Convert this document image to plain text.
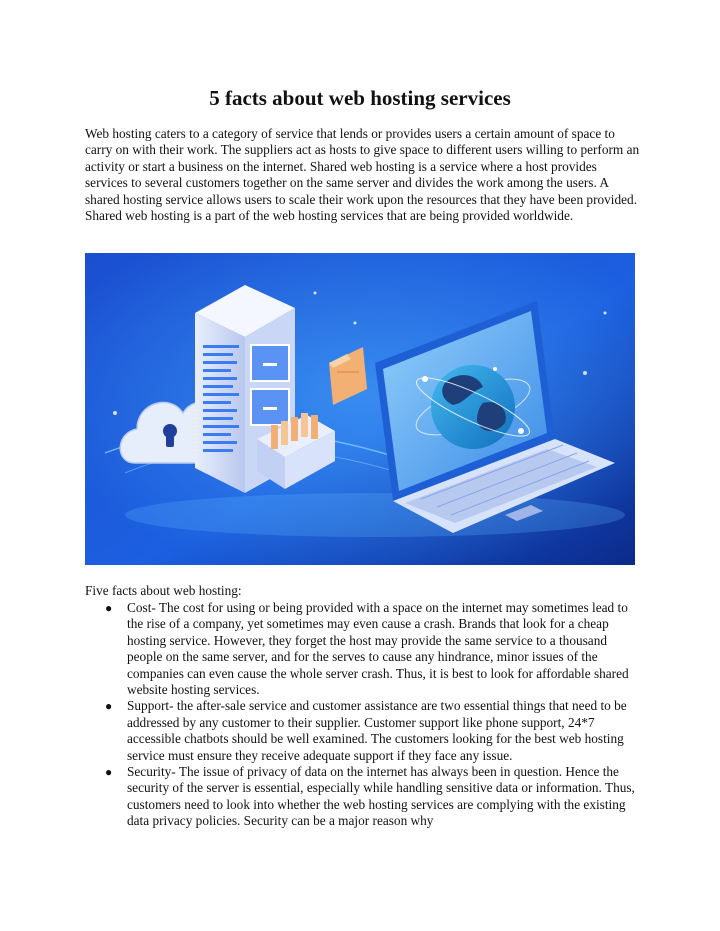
5 facts about web hosting services

Web hosting caters to a category of service that lends or provides users a certain amount of space to carry on with their work. The suppliers act as hosts to give space to different users willing to perform an activity or start a business on the internet. Shared web hosting is a service where a host provides services to several customers together on the same server and divides the work among the users. A shared hosting service allows users to scale their work upon the resources that they have been provided. Shared web hosting is a part of the web hosting services that are being provided worldwide.

Five facts about web hosting:
● Cost- The cost for using or being provided with a space on the internet may sometimes lead to the rise of a company, yet sometimes may even cause a crash. Brands that look for a cheap hosting service. However, they forget the host may provide the same service to a thousand people on the same server, and for the serves to cause any hindrance, minor issues of the companies can even cause the whole server crash. Thus, it is best to look for affordable shared website hosting services.
● Support- the after-sale service and customer assistance are two essential things that need to be addressed by any customer to their supplier. Customer support like phone support, 24*7 accessible chatbots should be well examined. The customers looking for the best web hosting service must ensure they receive adequate support if they face any issue.
● Security- The issue of privacy of data on the internet has always been in question. Hence the security of the server is essential, especially while handling sensitive data or information. Thus, customers need to look into whether the web hosting services are complying with the existing data privacy policies. Security can be a major reason why
